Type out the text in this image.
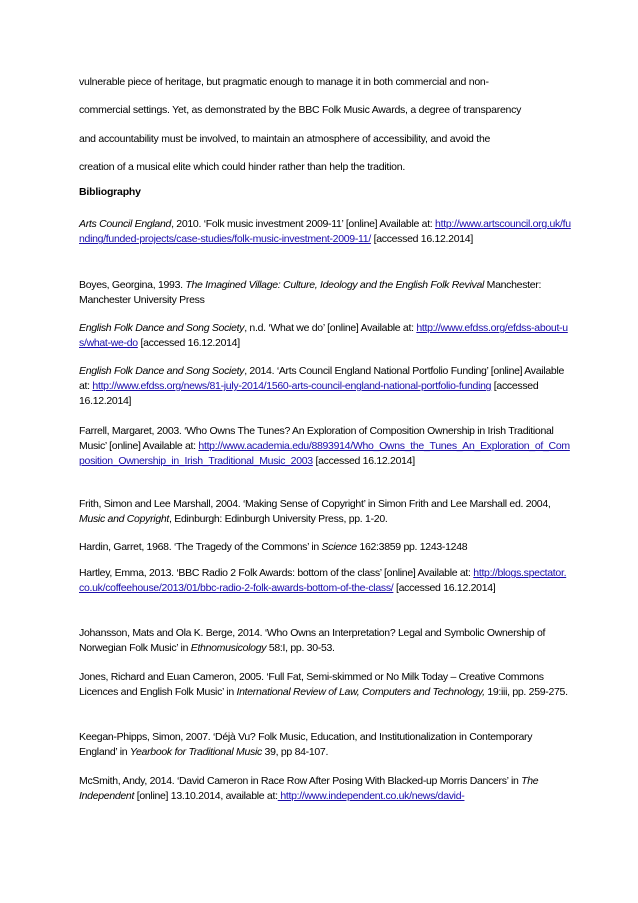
vulnerable piece of heritage, but pragmatic enough to manage it in both commercial and non-
commercial settings. Yet, as demonstrated by the BBC Folk Music Awards, a degree of transparency
and accountability must be involved, to maintain an atmosphere of accessibility, and avoid the
creation of a musical elite which could hinder rather than help the tradition.
Bibliography
Arts Council England, 2010. ‘Folk music investment 2009-11’ [online] Available at: http://www.artscouncil.org.uk/funding/funded-projects/case-studies/folk-music-investment-2009-11/ [accessed 16.12.2014]
Boyes, Georgina, 1993. The Imagined Village: Culture, Ideology and the English Folk Revival Manchester: Manchester University Press
English Folk Dance and Song Society, n.d. ‘What we do’ [online] Available at: http://www.efdss.org/efdss-about-us/what-we-do [accessed 16.12.2014]
English Folk Dance and Song Society, 2014. ‘Arts Council England National Portfolio Funding’ [online] Available at: http://www.efdss.org/news/81-july-2014/1560-arts-council-england-national-portfolio-funding [accessed 16.12.2014]
Farrell, Margaret, 2003. ‘Who Owns The Tunes? An Exploration of Composition Ownership in Irish Traditional Music’ [online] Available at: http://www.academia.edu/8893914/Who_Owns_the_Tunes_An_Exploration_of_Composition_Ownership_in_Irish_Traditional_Music_2003 [accessed 16.12.2014]
Frith, Simon and Lee Marshall, 2004. ‘Making Sense of Copyright’ in Simon Frith and Lee Marshall ed. 2004, Music and Copyright, Edinburgh: Edinburgh University Press, pp. 1-20.
Hardin, Garret, 1968. ‘The Tragedy of the Commons’ in Science 162:3859 pp. 1243-1248
Hartley, Emma, 2013. ‘BBC Radio 2 Folk Awards: bottom of the class’ [online] Available at: http://blogs.spectator.co.uk/coffeehouse/2013/01/bbc-radio-2-folk-awards-bottom-of-the-class/ [accessed 16.12.2014]
Johansson, Mats and Ola K. Berge, 2014. ‘Who Owns an Interpretation? Legal and Symbolic Ownership of Norwegian Folk Music’ in Ethnomusicology 58:I, pp. 30-53.
Jones, Richard and Euan Cameron, 2005. ‘Full Fat, Semi-skimmed or No Milk Today – Creative Commons Licences and English Folk Music’ in International Review of Law, Computers and Technology, 19:iii, pp. 259-275.
Keegan-Phipps, Simon, 2007. ‘Déjà Vu? Folk Music, Education, and Institutionalization in Contemporary England’ in Yearbook for Traditional Music 39, pp 84-107.
McSmith, Andy, 2014. ‘David Cameron in Race Row After Posing With Blacked-up Morris Dancers’ in The Independent [online] 13.10.2014, available at: http://www.independent.co.uk/news/david-
